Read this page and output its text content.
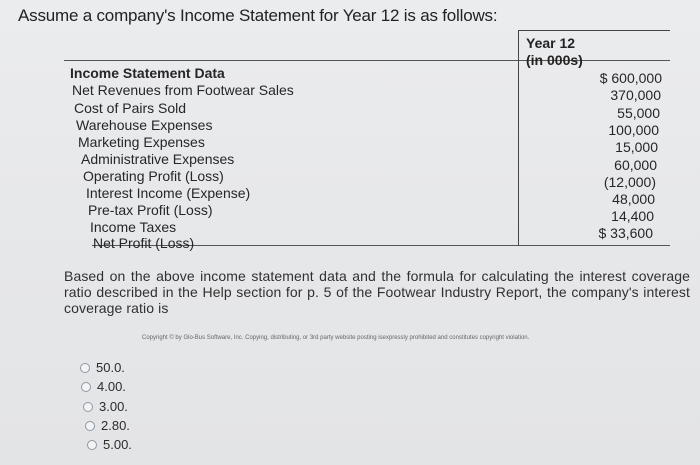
Assume a company's Income Statement for Year 12 is as follows:
Year 12
(in 000s)
Income Statement Data
Net Revenues from Footwear Sales
Cost of Pairs Sold
Warehouse Expenses
Marketing Expenses
Administrative Expenses
Operating Profit (Loss)
Interest Income (Expense)
Pre-tax Profit (Loss)
Income Taxes
Net Profit (Loss)
$ 600,000
370,000
55,000
100,000
15,000
60,000
(12,000)
48,000
14,400
$ 33,600
Based on the above income statement data and the formula for calculating the interest coverage ratio described in the Help section for p. 5 of the Footwear Industry Report, the company's interest coverage ratio is
Copyright © by Glo-Bus Software, Inc. Copying, distributing, or 3rd party website posting isexpressly prohibited and constitutes copyright violation.
50.0.
4.00.
3.00.
2.80.
5.00.
